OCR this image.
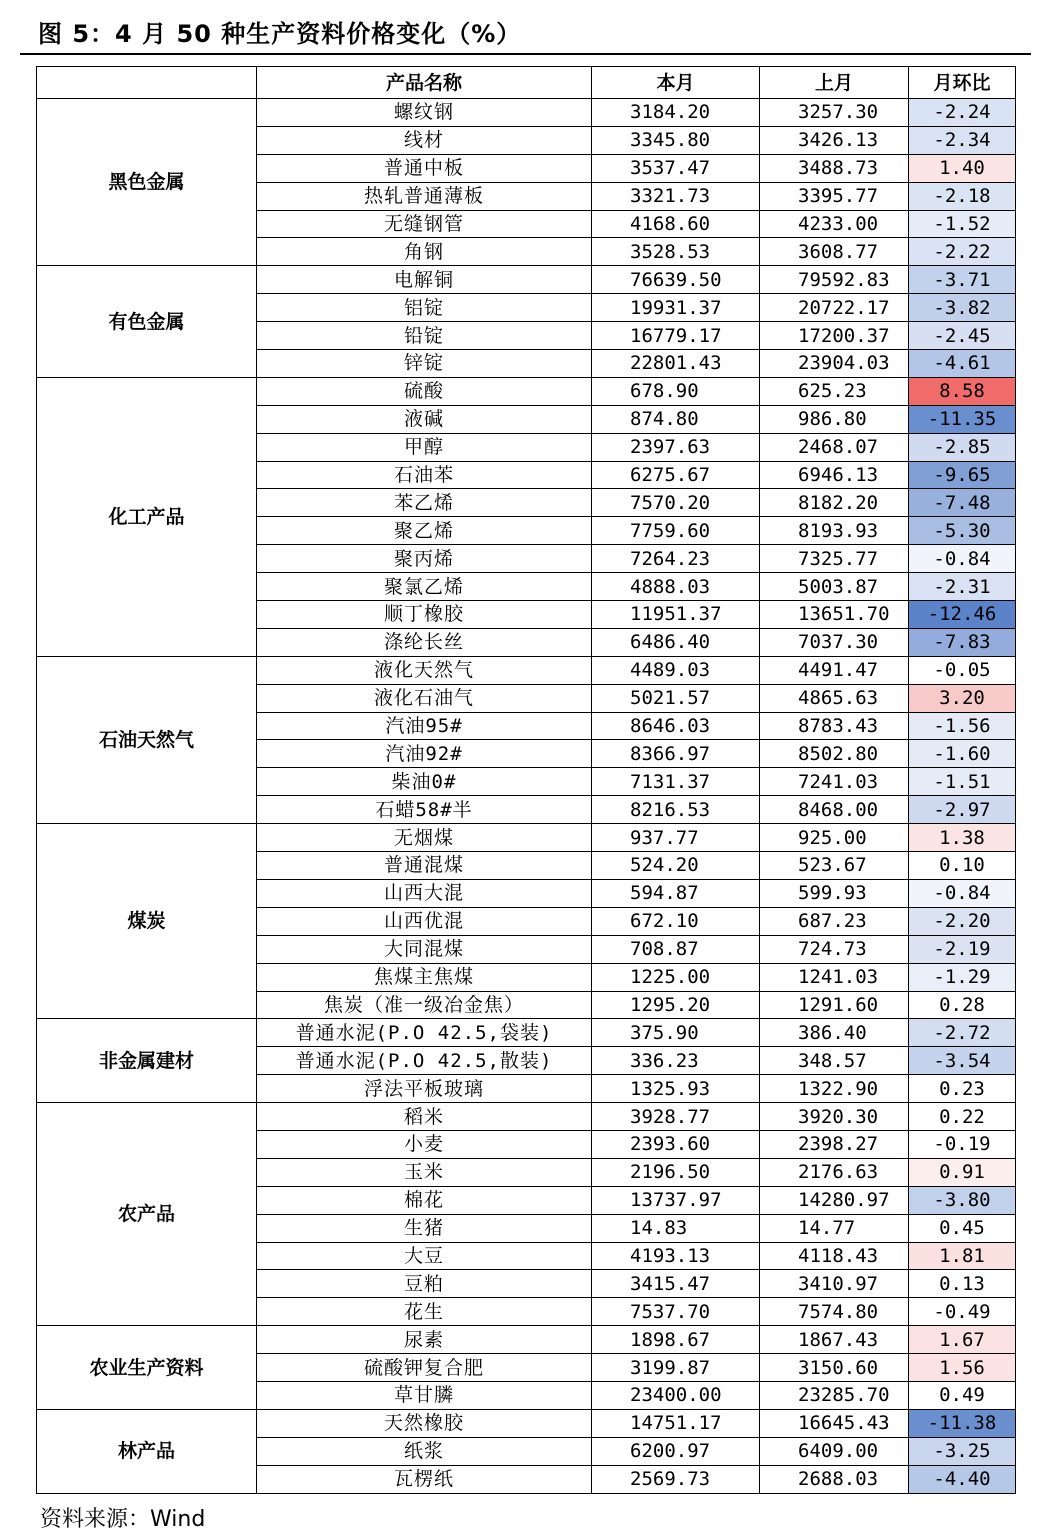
图 5：4 月 50 种生产资料价格变化（%）
	产品名称	本月	上月	月环比
黑色金属	螺纹钢	3184.20	3257.30	-2.24
	线材	3345.80	3426.13	-2.34
	普通中板	3537.47	3488.73	1.40
	热轧普通薄板	3321.73	3395.77	-2.18
	无缝钢管	4168.60	4233.00	-1.52
	角钢	3528.53	3608.77	-2.22
有色金属	电解铜	76639.50	79592.83	-3.71
	铝锭	19931.37	20722.17	-3.82
	铅锭	16779.17	17200.37	-2.45
	锌锭	22801.43	23904.03	-4.61
化工产品	硫酸	678.90	625.23	8.58
	液碱	874.80	986.80	-11.35
	甲醇	2397.63	2468.07	-2.85
	石油苯	6275.67	6946.13	-9.65
	苯乙烯	7570.20	8182.20	-7.48
	聚乙烯	7759.60	8193.93	-5.30
	聚丙烯	7264.23	7325.77	-0.84
	聚氯乙烯	4888.03	5003.87	-2.31
	顺丁橡胶	11951.37	13651.70	-12.46
	涤纶长丝	6486.40	7037.30	-7.83
石油天然气	液化天然气	4489.03	4491.47	-0.05
	液化石油气	5021.57	4865.63	3.20
	汽油95#	8646.03	8783.43	-1.56
	汽油92#	8366.97	8502.80	-1.60
	柴油0#	7131.37	7241.03	-1.51
	石蜡58#半	8216.53	8468.00	-2.97
煤炭	无烟煤	937.77	925.00	1.38
	普通混煤	524.20	523.67	0.10
	山西大混	594.87	599.93	-0.84
	山西优混	672.10	687.23	-2.20
	大同混煤	708.87	724.73	-2.19
	焦煤主焦煤	1225.00	1241.03	-1.29
	焦炭（准一级冶金焦）	1295.20	1291.60	0.28
非金属建材	普通水泥(P.O 42.5,袋装)	375.90	386.40	-2.72
	普通水泥(P.O 42.5,散装)	336.23	348.57	-3.54
	浮法平板玻璃	1325.93	1322.90	0.23
农产品	稻米	3928.77	3920.30	0.22
	小麦	2393.60	2398.27	-0.19
	玉米	2196.50	2176.63	0.91
	棉花	13737.97	14280.97	-3.80
	生猪	14.83	14.77	0.45
	大豆	4193.13	4118.43	1.81
	豆粕	3415.47	3410.97	0.13
	花生	7537.70	7574.80	-0.49
农业生产资料	尿素	1898.67	1867.43	1.67
	硫酸钾复合肥	3199.87	3150.60	1.56
	草甘膦	23400.00	23285.70	0.49
林产品	天然橡胶	14751.17	16645.43	-11.38
	纸浆	6200.97	6409.00	-3.25
	瓦楞纸	2569.73	2688.03	-4.40
资料来源：Wind
